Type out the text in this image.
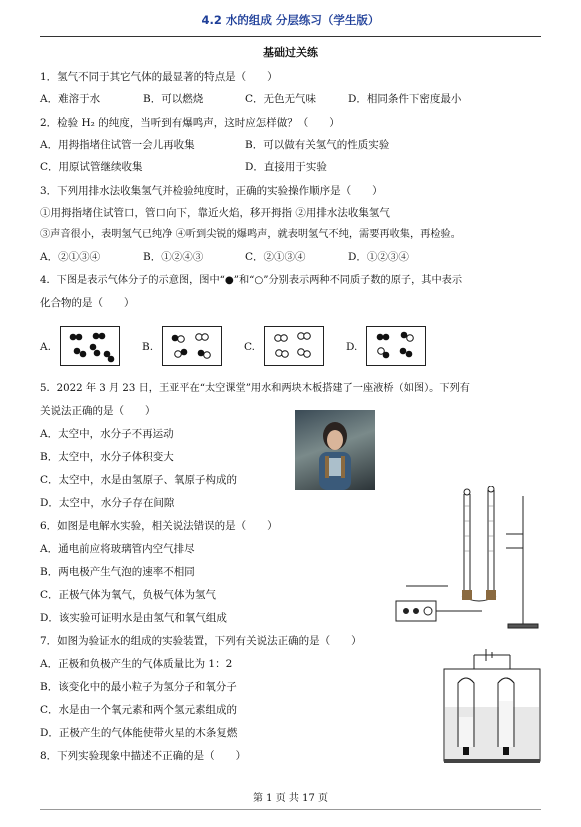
4.2 水的组成 分层练习（学生版）
基础过关练
1．氢气不同于其它气体的最显著的特点是（　　）
A．难溶于水	B．可以燃烧	C．无色无气味	D．相同条件下密度最小
2．检验 H₂ 的纯度，当听到有爆鸣声，这时应怎样做？（　　）
A．用拇指堵住试管一会儿再收集	B．可以做有关氢气的性质实验
C．用原试管继续收集	D．直接用于实验
3．下列用排水法收集氢气并检验纯度时，正确的实验操作顺序是（　　）
①用拇指堵住试管口，管口向下，靠近火焰，移开拇指 ②用排水法收集氢气
③声音很小，表明氢气已纯净 ④听到尖锐的爆鸣声，就表明氢气不纯，需要再收集，再检验。
A．②①③④	B．①②④③	C．②①③④	D．①②③④
4．下图是表示气体分子的示意图，图中“●”和“○”分别表示两种不同质子数的原子，其中表示
化合物的是（　　）
A.	B.	C.	D.
5．2022 年 3 月 23 日，王亚平在“太空课堂”用水和两块木板搭建了一座液桥（如图）。下列有
关说法正确的是（　　）
A．太空中，水分子不再运动
B．太空中，水分子体积变大
C．太空中，水是由氢原子、氧原子构成的
D．太空中，水分子存在间隙
6．如图是电解水实验，相关说法错误的是（　　）
A．通电前应将玻璃管内空气排尽
B．两电极产生气泡的速率不相同
C．正极气体为氧气，负极气体为氢气
D．该实验可证明水是由氢气和氧气组成
7．如图为验证水的组成的实验装置，下列有关说法正确的是（　　）
A．正极和负极产生的气体质量比为 1：2
B．该变化中的最小粒子为氢分子和氧分子
C．水是由一个氧元素和两个氢元素组成的
D．正极产生的气体能使带火星的木条复燃
8．下列实验现象中描述不正确的是（　　）
第 1 页 共 17 页
